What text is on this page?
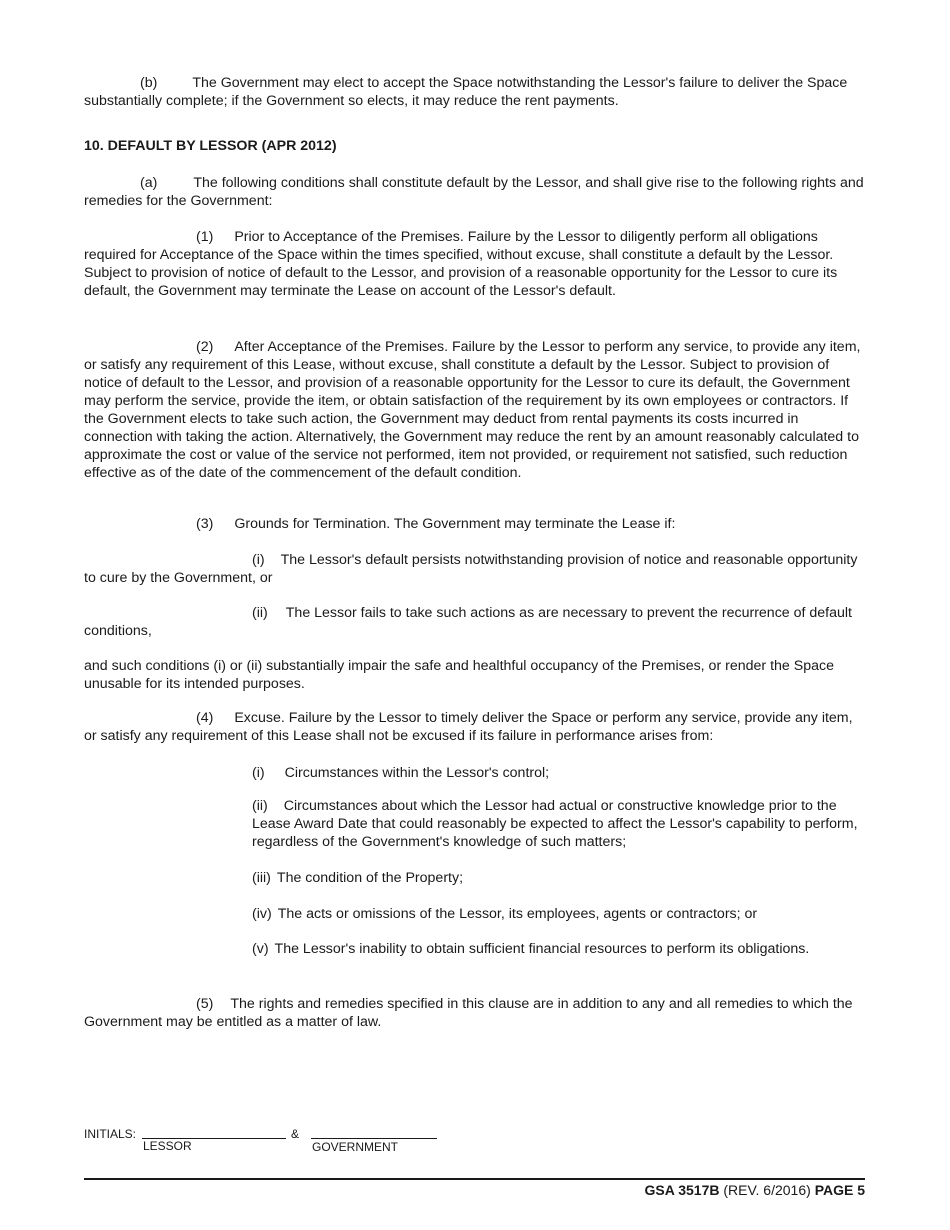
(b) The Government may elect to accept the Space notwithstanding the Lessor's failure to deliver the Space substantially complete; if the Government so elects, it may reduce the rent payments.

10. DEFAULT BY LESSOR (APR 2012)

(a)	The following conditions shall constitute default by the Lessor, and shall give rise to the following rights and remedies for the Government:

(1) Prior to Acceptance of the Premises. Failure by the Lessor to diligently perform all obligations required for Acceptance of the Space within the times specified, without excuse, shall constitute a default by the Lessor. Subject to provision of notice of default to the Lessor, and provision of a reasonable opportunity for the Lessor to cure its default, the Government may terminate the Lease on account of the Lessor's default.

(2) After Acceptance of the Premises. Failure by the Lessor to perform any service, to provide any item, or satisfy any requirement of this Lease, without excuse, shall constitute a default by the Lessor. Subject to provision of notice of default to the Lessor, and provision of a reasonable opportunity for the Lessor to cure its default, the Government may perform the service, provide the item, or obtain satisfaction of the requirement by its own employees or contractors. If the Government elects to take such action, the Government may deduct from rental payments its costs incurred in connection with taking the action. Alternatively, the Government may reduce the rent by an amount reasonably calculated to approximate the cost or value of the service not performed, item not provided, or requirement not satisfied, such reduction effective as of the date of the commencement of the default condition.

(3) Grounds for Termination. The Government may terminate the Lease if:

(i) The Lessor's default persists notwithstanding provision of notice and reasonable opportunity to cure by the Government, or

(ii) The Lessor fails to take such actions as are necessary to prevent the recurrence of default conditions,

and such conditions (i) or (ii) substantially impair the safe and healthful occupancy of the Premises, or render the Space unusable for its intended purposes.

(4) Excuse. Failure by the Lessor to timely deliver the Space or perform any service, provide any item, or satisfy any requirement of this Lease shall not be excused if its failure in performance arises from:

(i) Circumstances within the Lessor's control;

(ii) Circumstances about which the Lessor had actual or constructive knowledge prior to the Lease Award Date that could reasonably be expected to affect the Lessor's capability to perform, regardless of the Government's knowledge of such matters;

(iii) The condition of the Property;

(iv) The acts or omissions of the Lessor, its employees, agents or contractors; or

(v) The Lessor's inability to obtain sufficient financial resources to perform its obligations.

(5) The rights and remedies specified in this clause are in addition to any and all remedies to which the Government may be entitled as a matter of law.

INITIALS:
LESSOR
&
GOVERNMENT
GSA 3517B (REV. 6/2016) PAGE 5
